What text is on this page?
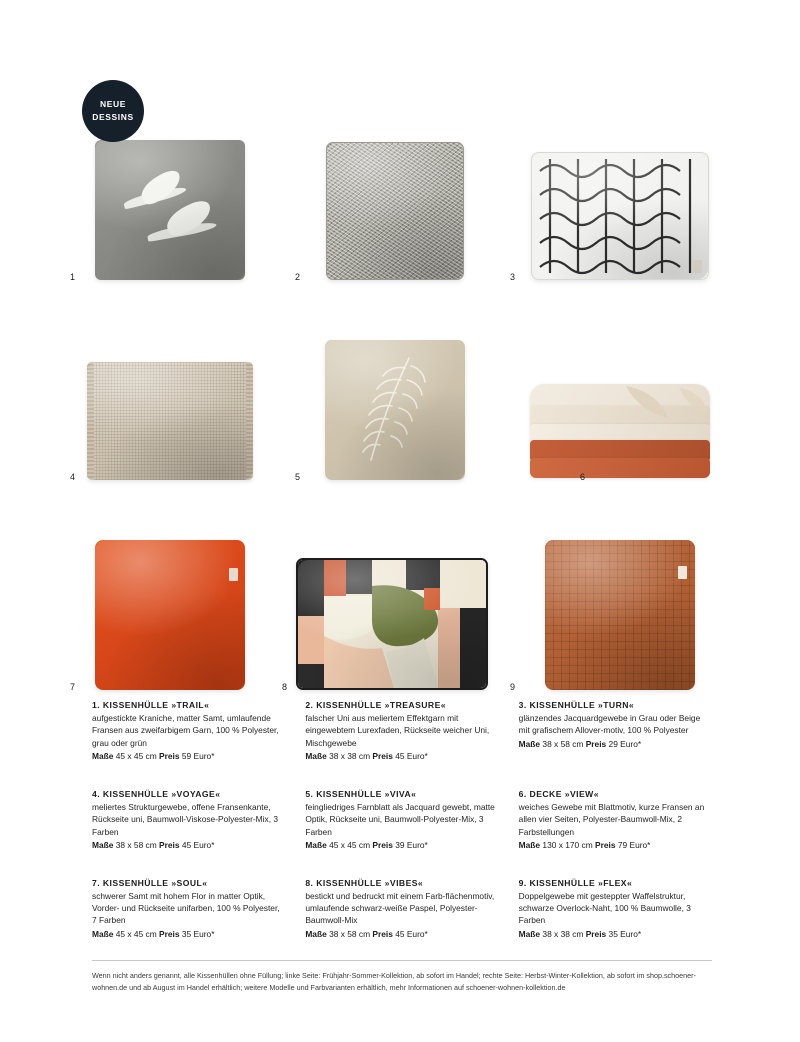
1	2	3
4	5	6
7	8	9
NEUE
DESSINS
1. KISSENHÜLLE »TRAIL«

aufgestickte Kraniche, matter Samt, umlaufende Fransen aus zweifarbigem Garn, 100 % Polyester, grau oder grün

Maße 45 x 45 cm Preis 59 Euro*
2. KISSENHÜLLE »TREASURE«

falscher Uni aus meliertem Effektgarn mit eingewebtem Lurexfaden, Rückseite weicher Uni, Mischgewebe

Maße 38 x 38 cm Preis 45 Euro*
3. KISSENHÜLLE »TURN«

glänzendes Jacquardgewebe in Grau oder Beige mit grafischem Allover-motiv, 100 % Polyester

Maße 38 x 58 cm Preis 29 Euro*
4. KISSENHÜLLE »VOYAGE«

meliertes Strukturgewebe, offene Fransenkante, Rückseite uni, Baumwoll-Viskose-Polyester-Mix, 3 Farben

Maße 38 x 58 cm Preis 45 Euro*
5. KISSENHÜLLE »VIVA«

feingliedriges Farnblatt als Jacquard gewebt, matte Optik, Rückseite uni, Baumwoll-Polyester-Mix, 3 Farben

Maße 45 x 45 cm Preis 39 Euro*
6. DECKE »VIEW«

weiches Gewebe mit Blattmotiv, kurze Fransen an allen vier Seiten, Polyester-Baumwoll-Mix, 2 Farbstellungen

Maße 130 x 170 cm Preis 79 Euro*
7. KISSENHÜLLE »SOUL«

schwerer Samt mit hohem Flor in matter Optik, Vorder- und Rückseite unifarben, 100 % Polyester, 7 Farben

Maße 45 x 45 cm Preis 35 Euro*
8. KISSENHÜLLE »VIBES«

bestickt und bedruckt mit einem Farb-flächenmotiv, umlaufende schwarz-weiße Paspel, Polyester-Baumwoll-Mix

Maße 38 x 58 cm Preis 45 Euro*
9. KISSENHÜLLE »FLEX«

Doppelgewebe mit gesteppter Waffelstruktur, schwarze Overlock-Naht, 100 % Baumwolle, 3 Farben

Maße 38 x 38 cm Preis 35 Euro*
Wenn nicht anders genannt, alle Kissenhüllen ohne Füllung; linke Seite: Frühjahr-Sommer-Kollektion, ab sofort im Handel; rechte Seite: Herbst-Winter-Kollektion, ab sofort im shop.schoener-wohnen.de und ab August im Handel erhältlich; weitere Modelle und Farbvarianten erhältlich, mehr Informationen auf schoener-wohnen-kollektion.de
